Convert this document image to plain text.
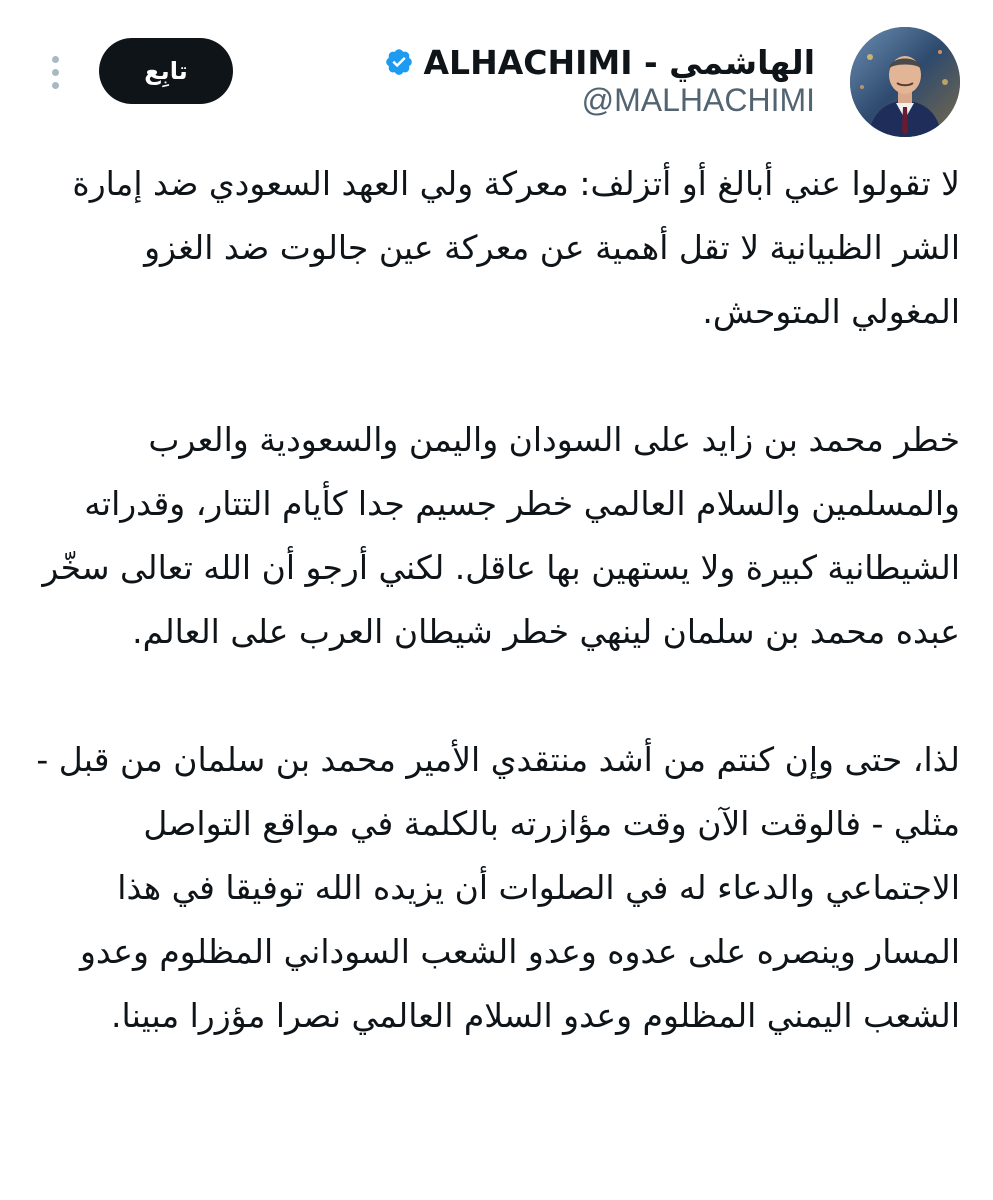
تابِع	الهاشمي - ALHACHIMI
@MALHACHIMI

لا تقولوا عني أبالغ أو أتزلف: معركة ولي العهد السعودي ضد إمارة الشر الظبيانية لا تقل أهمية عن معركة عين جالوت ضد الغزو المغولي المتوحش.

خطر محمد بن زايد على السودان واليمن والسعودية والعرب والمسلمين والسلام العالمي خطر جسيم جدا كأيام التتار، وقدراته الشيطانية كبيرة ولا يستهين بها عاقل. لكني أرجو أن الله تعالى سخّر عبده محمد بن سلمان لينهي خطر شيطان العرب على العالم.

لذا، حتى وإن كنتم من أشد منتقدي الأمير محمد بن سلمان من قبل - مثلي - فالوقت الآن وقت مؤازرته بالكلمة في مواقع التواصل الاجتماعي والدعاء له في الصلوات أن يزيده الله توفيقا في هذا المسار وينصره على عدوه وعدو الشعب السوداني المظلوم وعدو الشعب اليمني المظلوم وعدو السلام العالمي نصرا مؤزرا مبينا.
